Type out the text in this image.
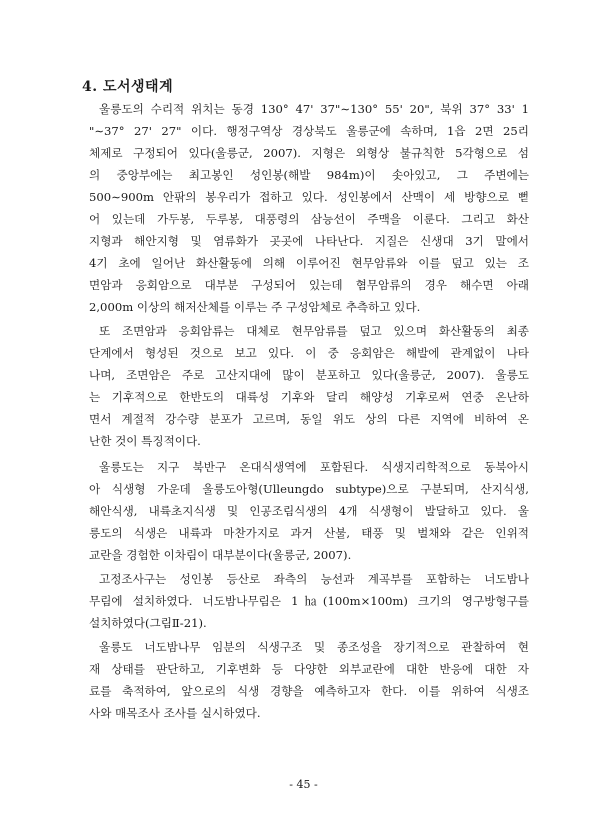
4. 도서생태계
울릉도의 수리적 위치는 동경 130° 47' 37"∼130° 55' 20", 북위 37° 33' 1
"∼37° 27' 27" 이다. 행정구역상 경상북도 울릉군에 속하며, 1읍 2면 25리
체제로 구정되어 있다(울릉군, 2007). 지형은 외형상 불규칙한 5각형으로 섬
의 중앙부에는 최고봉인 성인봉(해발 984m)이 솟아있고, 그 주변에는
500∼900m 안팎의 봉우리가 접하고 있다. 성인봉에서 산맥이 세 방향으로 뻗
어 있는데 가두봉, 두루봉, 대풍령의 삼능선이 주맥을 이룬다. 그리고 화산
지형과 해안지형 및 염류화가 곳곳에 나타난다. 지질은 신생대 3기 말에서
4기 초에 일어난 화산활동에 의해 이루어진 현무암류와 이를 덮고 있는 조
면암과 응회암으로 대부분 구성되어 있는데 혐무암류의 경우 해수면 아래
2,000m 이상의 해저산체를 이루는 주 구성암체로 추측하고 있다.
또 조면암과 응회암류는 대체로 현무암류를 덮고 있으며 화산활동의 최종
단계에서 형성된 것으로 보고 있다. 이 중 응회암은 해발에 관계없이 나타
나며, 조면암은 주로 고산지대에 많이 분포하고 있다(울릉군, 2007). 울릉도
는 기후적으로 한반도의 대륙성 기후와 달리 해양성 기후로써 연중 온난하
면서 계절적 강수량 분포가 고르며, 동일 위도 상의 다른 지역에 비하여 온
난한 것이 특징적이다.
울릉도는 지구 북반구 온대식생역에 포함된다. 식생지리학적으로 동북아시
아 식생형 가운데 울릉도아형(Ulleungdo subtype)으로 구분되며, 산지식생,
해안식생, 내륙초지식생 및 인공조림식생의 4개 식생형이 발달하고 있다. 울
릉도의 식생은 내륙과 마찬가지로 과거 산불, 태풍 및 벌채와 같은 인위적
교란을 경험한 이차림이 대부분이다(울릉군, 2007).
고정조사구는 성인봉 등산로 좌측의 능선과 계곡부를 포함하는 너도밤나
무림에 설치하였다. 너도밤나무림은 1㏊(100m×100m) 크기의 영구방형구를
설치하였다(그림Ⅱ-21).
울릉도 너도밤나무 임분의 식생구조 및 종조성을 장기적으로 관찰하여 현
재 상태를 판단하고, 기후변화 등 다양한 외부교란에 대한 반응에 대한 자
료를 축적하여, 앞으로의 식생 경향을 예측하고자 한다. 이를 위하여 식생조
사와 매목조사 조사를 실시하였다.
- 45 -
